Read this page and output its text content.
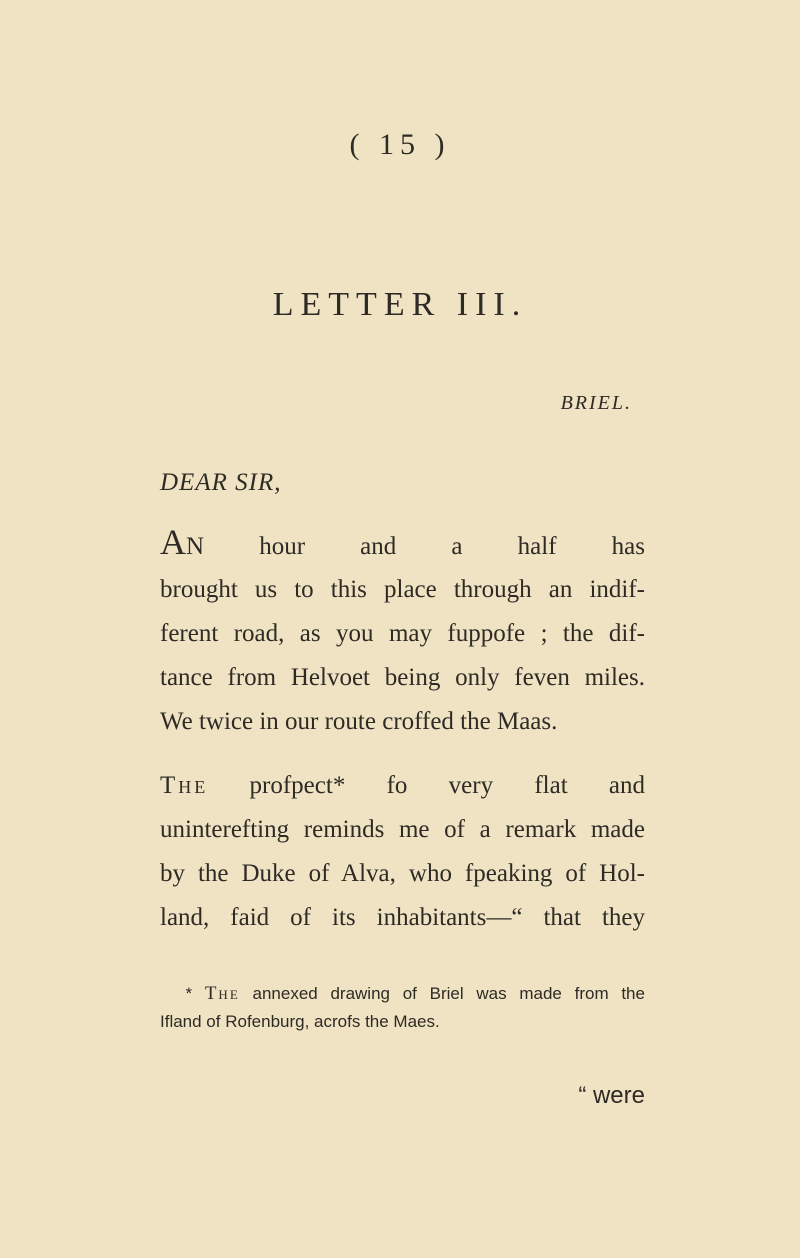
( 15 )
LETTER III.
BRIEL.
DEAR SIR,
AN hour and a half has
brought us to this place through an indif-
ferent road, as you may fuppofe ; the dif-
tance from Helvoet being only feven miles.
We twice in our route croffed the Maas.
The profpect* fo very flat and
uninterefting reminds me of a remark made
by the Duke of Alva, who fpeaking of Hol-
land, faid of its inhabitants—“ that they
* The annexed drawing of Briel was made from the
Ifland of Rofenburg, acrofs the Maes.
“ were
